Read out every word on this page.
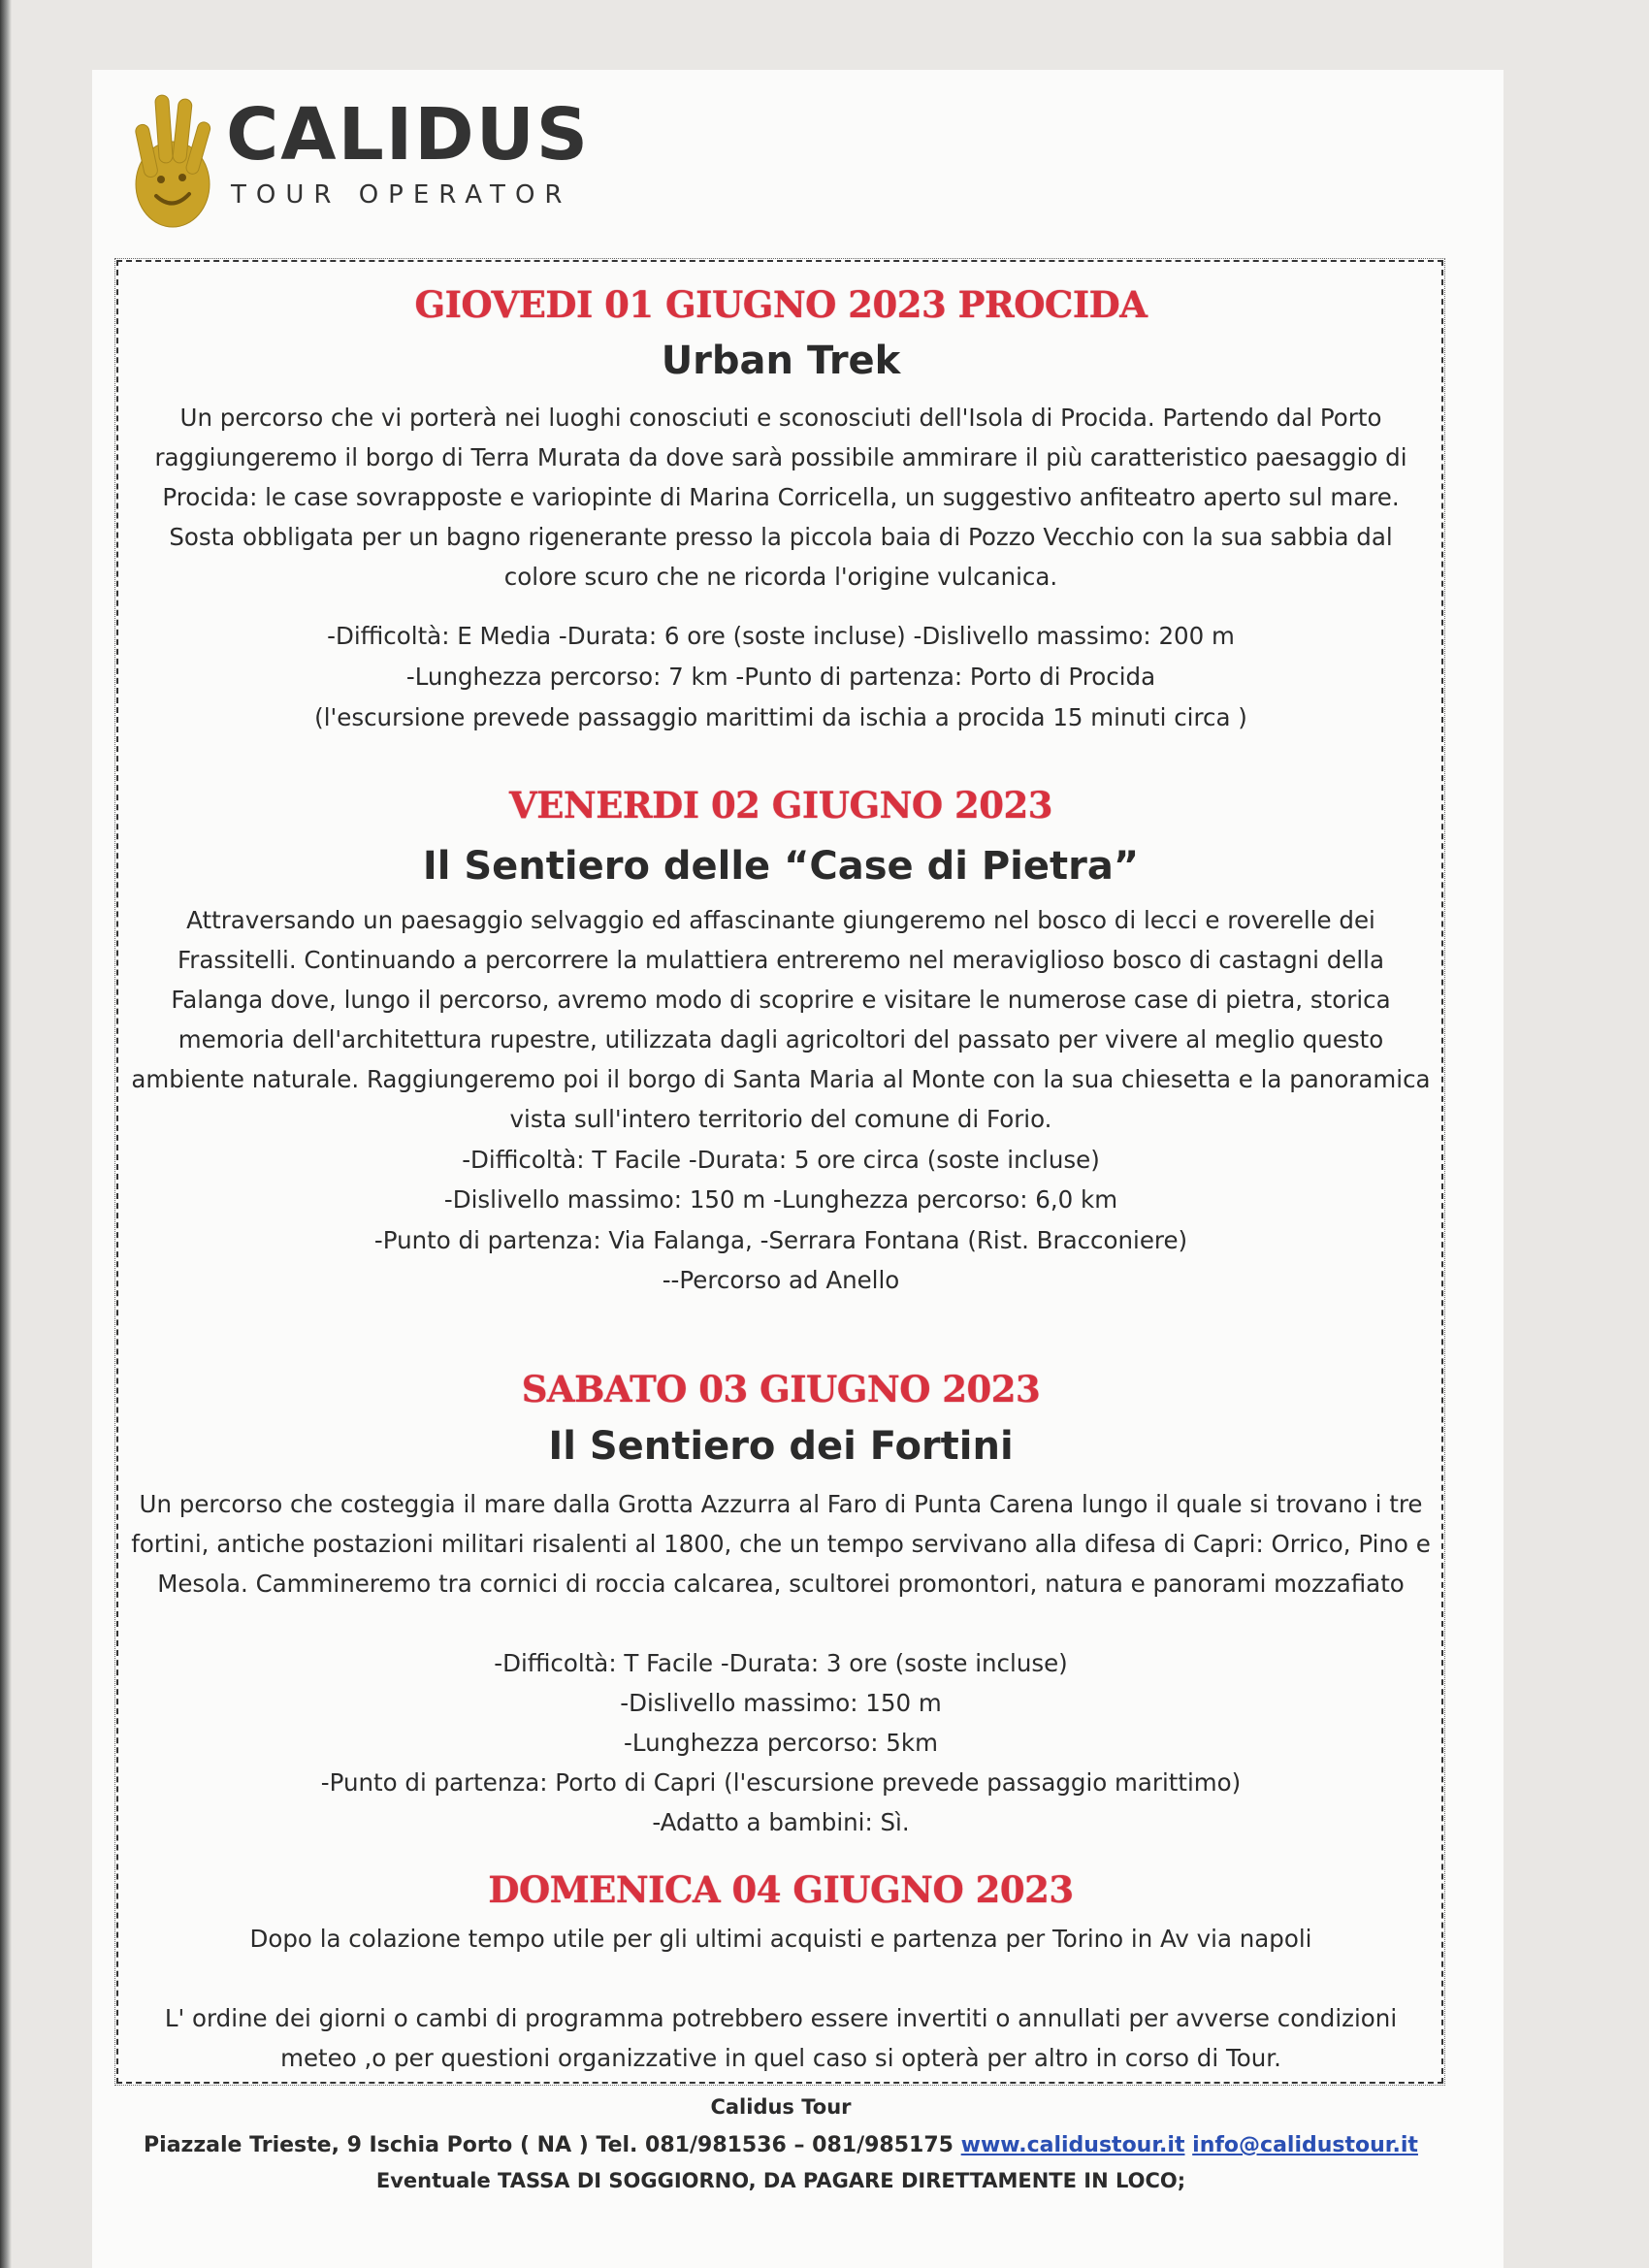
CALIDUS
TOUR OPERATOR
GIOVEDI 01 GIUGNO 2023 PROCIDA
Urban Trek

Un percorso che vi porterà nei luoghi conosciuti e sconosciuti dell'Isola di Procida. Partendo dal Porto raggiungeremo il borgo di Terra Murata da dove sarà possibile ammirare il più caratteristico paesaggio di Procida: le case sovrapposte e variopinte di Marina Corricella, un suggestivo anfiteatro aperto sul mare. Sosta obbligata per un bagno rigenerante presso la piccola baia di Pozzo Vecchio con la sua sabbia dal colore scuro che ne ricorda l'origine vulcanica.

-Difficoltà: E Media -Durata: 6 ore (soste incluse) -Dislivello massimo: 200 m

-Lunghezza percorso: 7 km -Punto di partenza: Porto di Procida

(l'escursione prevede passaggio marittimi da ischia a procida 15 minuti circa )

VENERDI 02 GIUGNO 2023
Il Sentiero delle “Case di Pietra”

Attraversando un paesaggio selvaggio ed affascinante giungeremo nel bosco di lecci e roverelle dei Frassitelli. Continuando a percorrere la mulattiera entreremo nel meraviglioso bosco di castagni della Falanga dove, lungo il percorso, avremo modo di scoprire e visitare le numerose case di pietra, storica memoria dell'architettura rupestre, utilizzata dagli agricoltori del passato per vivere al meglio questo ambiente naturale. Raggiungeremo poi il borgo di Santa Maria al Monte con la sua chiesetta e la panoramica vista sull'intero territorio del comune di Forio.

-Difficoltà: T Facile -Durata: 5 ore circa (soste incluse)

-Dislivello massimo: 150 m -Lunghezza percorso: 6,0 km

-Punto di partenza: Via Falanga, -Serrara Fontana (Rist. Bracconiere)

--Percorso ad Anello

SABATO 03 GIUGNO 2023
Il Sentiero dei Fortini

Un percorso che costeggia il mare dalla Grotta Azzurra al Faro di Punta Carena lungo il quale si trovano i tre fortini, antiche postazioni militari risalenti al 1800, che un tempo servivano alla difesa di Capri: Orrico, Pino e Mesola. Cammineremo tra cornici di roccia calcarea, scultorei promontori, natura e panorami mozzafiato

-Difficoltà: T Facile -Durata: 3 ore (soste incluse)

-Dislivello massimo: 150 m

-Lunghezza percorso: 5km

-Punto di partenza: Porto di Capri (l'escursione prevede passaggio marittimo)

-Adatto a bambini: Sì.

DOMENICA 04 GIUGNO 2023

Dopo la colazione tempo utile per gli ultimi acquisti e partenza per Torino in Av via napoli

L' ordine dei giorni o cambi di programma potrebbero essere invertiti o annullati per avverse condizioni meteo ,o per questioni organizzative in quel caso si opterà per altro in corso di Tour.

Calidus Tour

Piazzale Trieste, 9 Ischia Porto ( NA ) Tel. 081/981536 – 081/985175 www.calidustour.it info@calidustour.it

Eventuale TASSA DI SOGGIORNO, DA PAGARE DIRETTAMENTE IN LOCO;
